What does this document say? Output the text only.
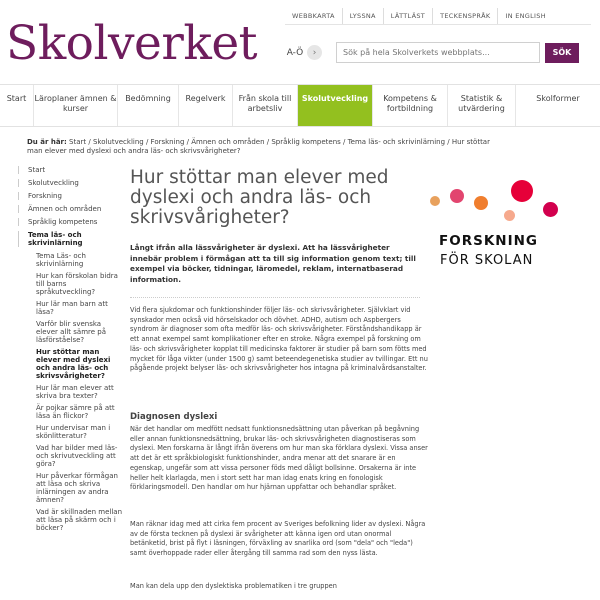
WEBBKARTA	LYSSNA	LÄTTLÄST	TECKENSPRÅK	IN ENGLISH
Skolverket	A-Ö	›
Sök på hela Skolverkets webbplats...	SÖK
Start	Läroplaner ämnen & kurser
Bedömning	Regelverk	Från skola till arbetsliv
Skolutveckling	Kompetens & fortbildning
Statistik & utvärdering
Skolformer
Du är här: Start / Skolutveckling / Forskning / Ämnen och områden / Språklig kompetens / Tema läs- och skrivinlärning / Hur stöttar man elever med dyslexi och andra läs- och skrivsvårigheter?
Start
Skolutveckling
Forskning
Ämnen och områden
Språklig kompetens
Tema läs- och skrivinlärning
Tema Läs- och skrivinlärning
Hur kan förskolan bidra till barns språkutveckling?
Hur lär man barn att läsa?
Varför blir svenska elever allt sämre på läsförståelse?
Hur stöttar man elever med dyslexi och andra läs- och skrivsvårigheter?
Hur lär man elever att skriva bra texter?
Är pojkar sämre på att läsa än flickor?
Hur undervisar man i skönlitteratur?
Vad har bilder med läs- och skrivutveckling att göra?
Hur påverkar förmågan att läsa och skriva inlärningen av andra ämnen?
Vad är skillnaden mellan att läsa på skärm och i böcker?
Hur stöttar man elever med dyslexi och andra läs- och skrivsvårigheter?

Långt ifrån alla lässvårigheter är dyslexi. Att ha lässvårigheter innebär problem i förmågan att ta till sig information genom text; till exempel via böcker, tidningar, läromedel, reklam, internatbaserad information.

Vid flera sjukdomar och funktionshinder följer läs- och skrivsvårigheter. Självklart vid synskador men också vid hörselskador och dövhet. ADHD, autism och Aspbergers syndrom är diagnoser som ofta medför läs- och skrivsvårigheter. Förståndshandikapp är ett annat exempel samt komplikationer efter en stroke. Några exempel på forskning om läs- och skrivsvårigheter kopplat till medicinska faktorer är studier på barn som fötts med mycket för låga vikter (under 1500 g) samt beteendegenetiska studier av tvillingar. Ett nu pågående projekt belyser läs- och skrivsvårigheter hos intagna på kriminalvårdsanstalter.

Diagnosen dyslexi

När det handlar om medfött nedsatt funktionsnedsättning utan påverkan på begåvning eller annan funktionsnedsättning, brukar läs- och skrivsvårigheten diagnostiseras som dyslexi. Men forskarna är långt ifrån överens om hur man ska förklara dyslexi. Vissa anser att det är ett språkbiologiskt funktionshinder, andra menar att det snarare är en egenskap, ungefär som att vissa personer föds med dåligt bollsinne. Orsakerna är inte heller helt klarlagda, men i stort sett har man idag enats kring en fonologisk förklaringsmodell. Den handlar om hur hjärnan uppfattar och behandlar språket.

Man räknar idag med att cirka fem procent av Sveriges befolkning lider av dyslexi. Några av de första tecknen på dyslexi är svårigheter att känna igen ord utan onormal betänketid, brist på flyt i läsningen, förväxling av snarlika ord (som "dela" och "leda") samt överhoppade rader eller återgång till samma rad som den nyss lästa.

Man kan dela upp den dyslektiska problematiken i tre gruppen

FORSKNING
FÖR SKOLAN
